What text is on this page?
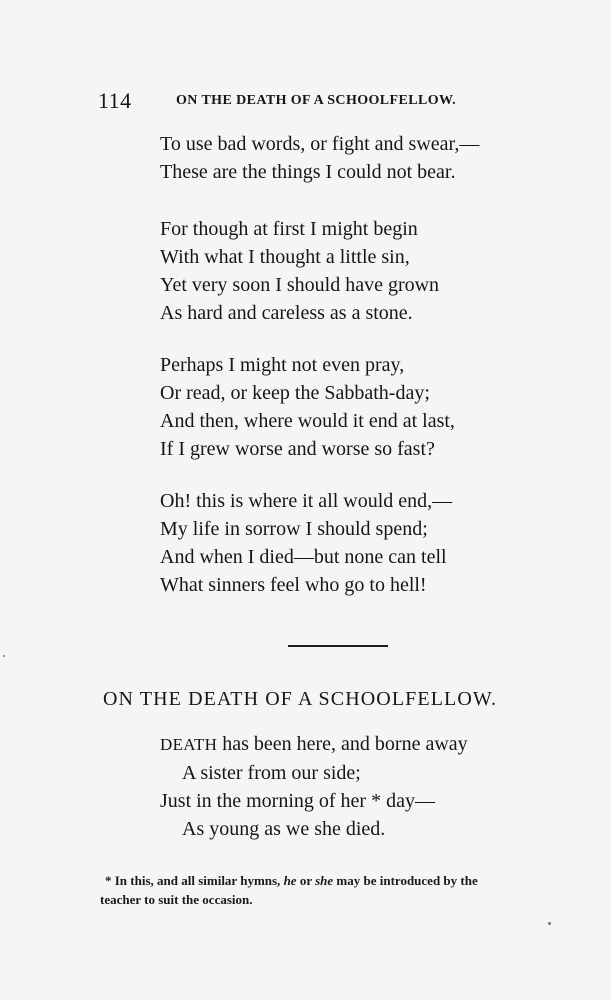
114	ON THE DEATH OF A SCHOOLFELLOW.
To use bad words, or fight and swear,—
These are the things I could not bear.
For though at first I might begin
With what I thought a little sin,
Yet very soon I should have grown
As hard and careless as a stone.
Perhaps I might not even pray,
Or read, or keep the Sabbath-day;
And then, where would it end at last,
If I grew worse and worse so fast?
Oh! this is where it all would end,—
My life in sorrow I should spend;
And when I died—but none can tell
What sinners feel who go to hell!
ON THE DEATH OF A SCHOOLFELLOW.
DEATH has been here, and borne away
A sister from our side;
Just in the morning of her * day—
As young as we she died.
* In this, and all similar hymns, he or she may be introduced by the
teacher to suit the occasion.
